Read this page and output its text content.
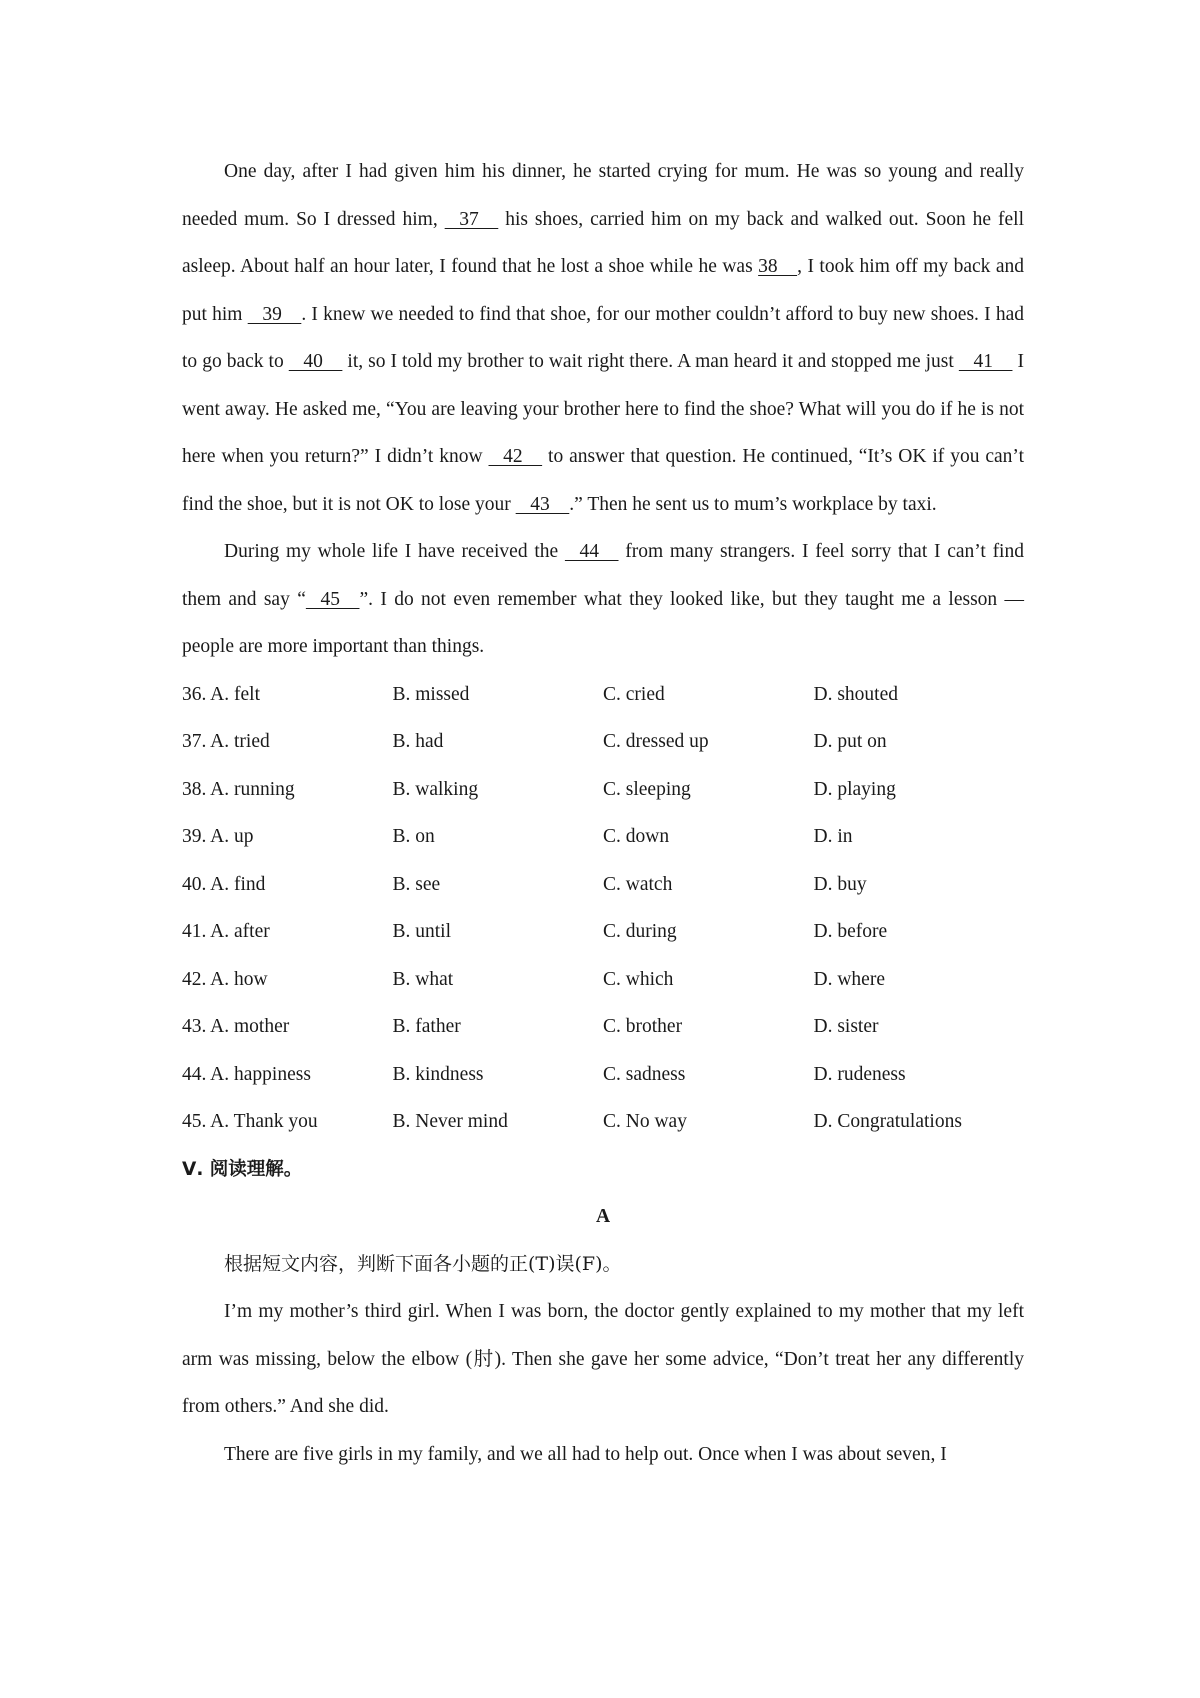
One day, after I had given him his dinner, he started crying for mum. He was so young and really needed mum. So I dressed him,    37     his shoes, carried him on my back and walked out. Soon he fell asleep. About half an hour later, I found that he lost a shoe while he was 38    , I took him off my back and put him    39    . I knew we needed to find that shoe, for our mother couldn’t afford to buy new shoes. I had to go back to    40     it, so I told my brother to wait right there. A man heard it and stopped me just    41     I went away. He asked me, “You are leaving your brother here to find the shoe? What will you do if he is not here when you return?” I didn’t know    42     to answer that question. He continued, “It’s OK if you can’t find the shoe, but it is not OK to lose your    43    .” Then he sent us to mum’s workplace by taxi.

During my whole life I have received the    44     from many strangers. I feel sorry that I can’t find them and say “   45    ”. I do not even remember what they looked like, but they taught me a lesson — people are more important than things.

36. A. felt	B. missed	C. cried	D. shouted
37. A. tried	B. had	C. dressed up	D. put on
38. A. running	B. walking	C. sleeping	D. playing
39. A. up	B. on	C. down	D. in
40. A. find	B. see	C. watch	D. buy
41. A. after	B. until	C. during	D. before
42. A. how	B. what	C. which	D. where
43. A. mother	B. father	C. brother	D. sister
44. A. happiness	B. kindness	C. sadness	D. rudeness
45. A. Thank you	B. Never mind	C. No way	D. Congratulations

Ⅴ. 阅读理解。

A

根据短文内容，判断下面各小题的正(T)误(F)。

I’m my mother’s third girl. When I was born, the doctor gently explained to my mother that my left arm was missing, below the elbow (肘). Then she gave her some advice, “Don’t treat her any differently from others.” And she did.

There are five girls in my family, and we all had to help out. Once when I was about seven, I
